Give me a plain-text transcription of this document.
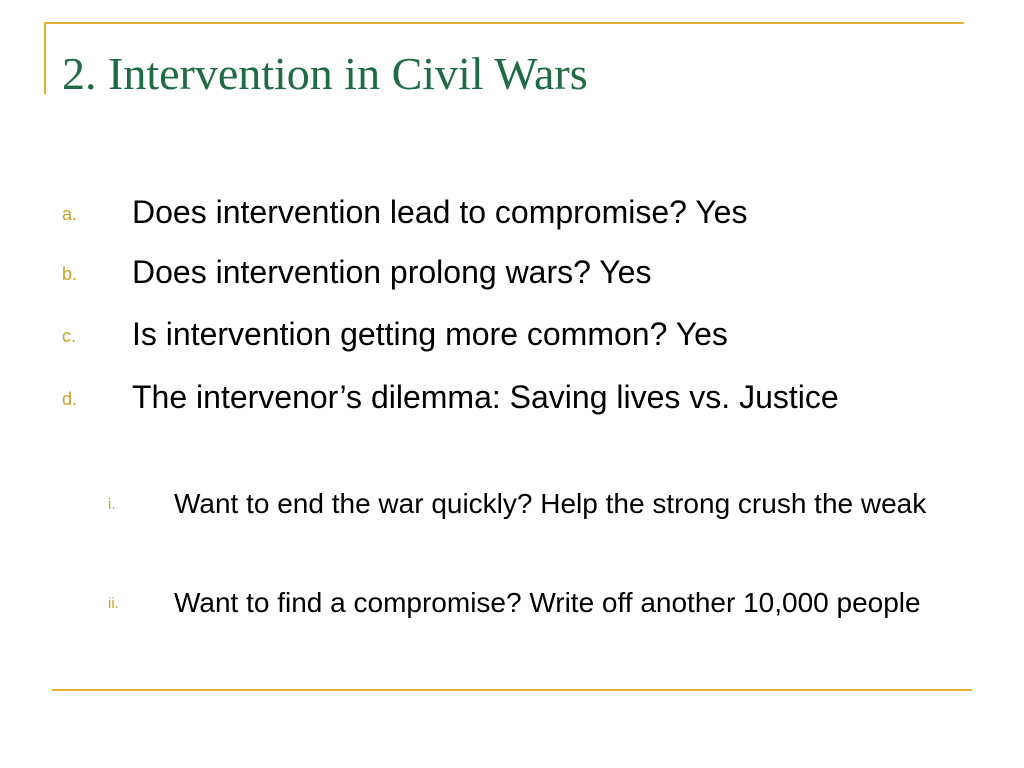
2. Intervention in Civil Wars
a. Does intervention lead to compromise? Yes
b. Does intervention prolong wars? Yes
c. Is intervention getting more common? Yes
d. The intervenor’s dilemma: Saving lives vs. Justice
i. Want to end the war quickly? Help the strong crush the weak
ii. Want to find a compromise? Write off another 10,000 people
